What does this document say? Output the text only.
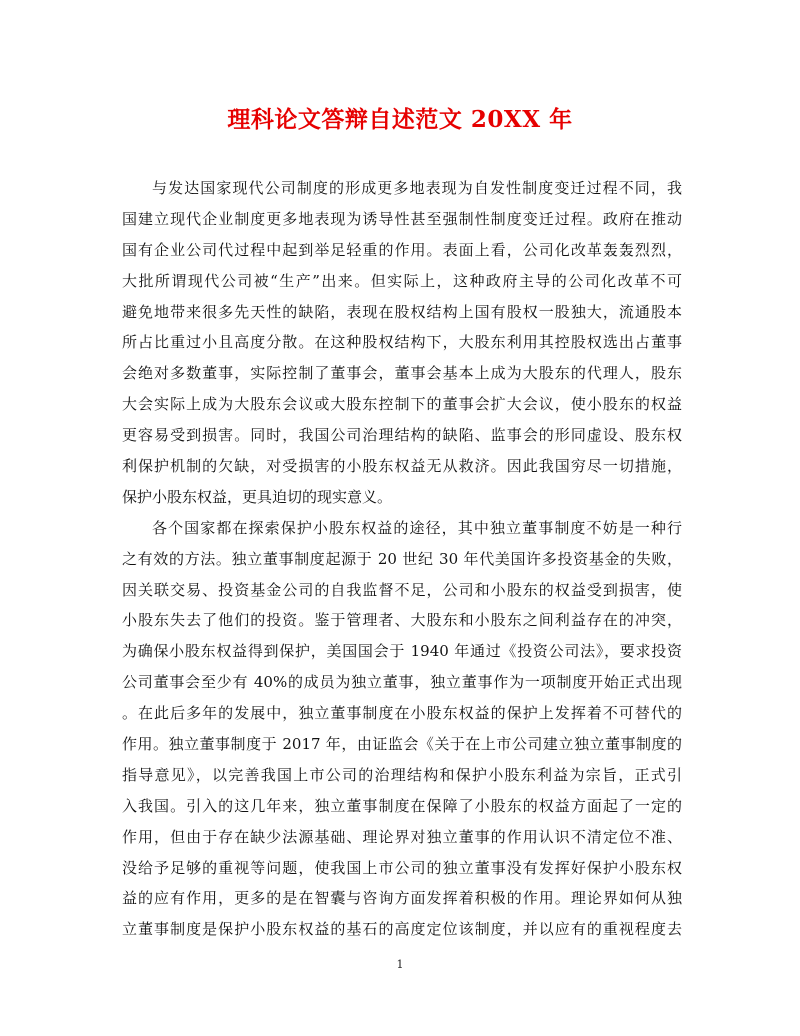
理科论文答辩自述范文 20XX 年
与发达国家现代公司制度的形成更多地表现为自发性制度变迁过程不同，我
国建立现代企业制度更多地表现为诱导性甚至强制性制度变迁过程。政府在推动
国有企业公司代过程中起到举足轻重的作用。表面上看，公司化改革轰轰烈烈，
大批所谓现代公司被“生产”出来。但实际上，这种政府主导的公司化改革不可
避免地带来很多先天性的缺陷，表现在股权结构上国有股权一股独大，流通股本
所占比重过小且高度分散。在这种股权结构下，大股东利用其控股权选出占董事
会绝对多数董事，实际控制了董事会，董事会基本上成为大股东的代理人，股东
大会实际上成为大股东会议或大股东控制下的董事会扩大会议，使小股东的权益
更容易受到损害。同时，我国公司治理结构的缺陷、监事会的形同虚设、股东权
利保护机制的欠缺，对受损害的小股东权益无从救济。因此我国穷尽一切措施，
保护小股东权益，更具迫切的现实意义。
各个国家都在探索保护小股东权益的途径，其中独立董事制度不妨是一种行
之有效的方法。独立董事制度起源于 20 世纪 30 年代美国许多投资基金的失败，
因关联交易、投资基金公司的自我监督不足，公司和小股东的权益受到损害，使
小股东失去了他们的投资。鉴于管理者、大股东和小股东之间利益存在的冲突，
为确保小股东权益得到保护，美国国会于 1940 年通过《投资公司法》，要求投资
公司董事会至少有 40%的成员为独立董事，独立董事作为一项制度开始正式出现
。在此后多年的发展中，独立董事制度在小股东权益的保护上发挥着不可替代的
作用。独立董事制度于 2017 年，由证监会《关于在上市公司建立独立董事制度的
指导意见》，以完善我国上市公司的治理结构和保护小股东利益为宗旨，正式引
入我国。引入的这几年来，独立董事制度在保障了小股东的权益方面起了一定的
作用，但由于存在缺少法源基础、理论界对独立董事的作用认识不清定位不准、
没给予足够的重视等问题，使我国上市公司的独立董事没有发挥好保护小股东权
益的应有作用，更多的是在智囊与咨询方面发挥着积极的作用。理论界如何从独
立董事制度是保护小股东权益的基石的高度定位该制度，并以应有的重视程度去
1
